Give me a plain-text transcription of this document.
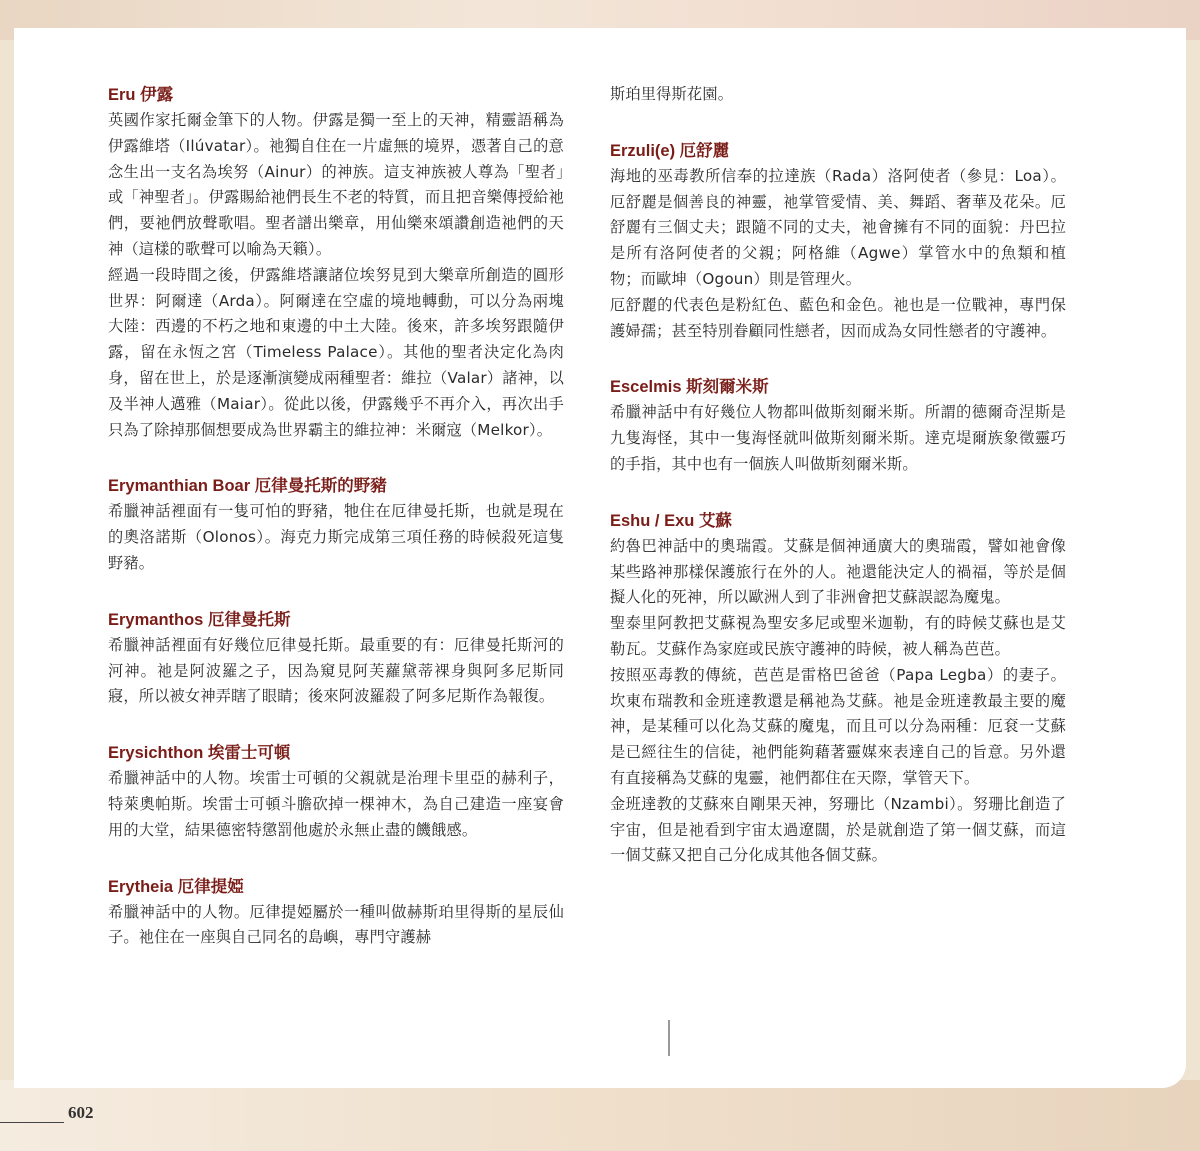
Eru 伊露

英國作家托爾金筆下的人物。伊露是獨一至上的天神，精靈語稱為伊露維塔（Ilúvatar）。祂獨自住在一片虛無的境界，憑著自己的意念生出一支名為埃努（Ainur）的神族。這支神族被人尊為「聖者」或「神聖者」。伊露賜給祂們長生不老的特質，而且把音樂傳授給祂們，要祂們放聲歌唱。聖者譜出樂章，用仙樂來頌讚創造祂們的天神（這樣的歌聲可以喻為天籟）。

經過一段時間之後，伊露維塔讓諸位埃努見到大樂章所創造的圓形世界：阿爾達（Arda）。阿爾達在空虛的境地轉動，可以分為兩塊大陸：西邊的不朽之地和東邊的中土大陸。後來，許多埃努跟隨伊露，留在永恆之宮（Timeless Palace）。其他的聖者決定化為肉身，留在世上，於是逐漸演變成兩種聖者：維拉（Valar）諸神，以及半神人邁雅（Maiar）。從此以後，伊露幾乎不再介入，再次出手只為了除掉那個想要成為世界霸主的維拉神：米爾寇（Melkor）。

Erymanthian Boar 厄律曼托斯的野豬

希臘神話裡面有一隻可怕的野豬，牠住在厄律曼托斯，也就是現在的奧洛諾斯（Olonos）。海克力斯完成第三項任務的時候殺死這隻野豬。

Erymanthos 厄律曼托斯

希臘神話裡面有好幾位厄律曼托斯。最重要的有：厄律曼托斯河的河神。祂是阿波羅之子，因為窺見阿芙蘿黛蒂裸身與阿多尼斯同寢，所以被女神弄瞎了眼睛；後來阿波羅殺了阿多尼斯作為報復。

Erysichthon 埃雷士可頓

希臘神話中的人物。埃雷士可頓的父親就是治理卡里亞的赫利子，特萊奧帕斯。埃雷士可頓斗膽砍掉一棵神木，為自己建造一座宴會用的大堂，結果德密特懲罰他處於永無止盡的饑餓感。

Erytheia 厄律提婭

希臘神話中的人物。厄律提婭屬於一種叫做赫斯珀里得斯的星辰仙子。祂住在一座與自己同名的島嶼，專門守護赫

斯珀里得斯花園。

Erzuli(e) 厄舒麗

海地的巫毒教所信奉的拉達族（Rada）洛阿使者（參見：Loa）。厄舒麗是個善良的神靈，祂掌管愛情、美、舞蹈、奢華及花朵。厄舒麗有三個丈夫；跟隨不同的丈夫，祂會擁有不同的面貌：丹巴拉是所有洛阿使者的父親；阿格維（Agwe）掌管水中的魚類和植物；而歐坤（Ogoun）則是管理火。

厄舒麗的代表色是粉紅色、藍色和金色。祂也是一位戰神，專門保護婦孺；甚至特別眷顧同性戀者，因而成為女同性戀者的守護神。

Escelmis 斯刻爾米斯

希臘神話中有好幾位人物都叫做斯刻爾米斯。所謂的德爾奇涅斯是九隻海怪，其中一隻海怪就叫做斯刻爾米斯。達克堤爾族象徵靈巧的手指，其中也有一個族人叫做斯刻爾米斯。

Eshu / Exu 艾蘇

約魯巴神話中的奧瑞霞。艾蘇是個神通廣大的奧瑞霞，譬如祂會像某些路神那樣保護旅行在外的人。祂還能決定人的禍福，等於是個擬人化的死神，所以歐洲人到了非洲會把艾蘇誤認為魔鬼。

聖泰里阿教把艾蘇視為聖安多尼或聖米迦勒，有的時候艾蘇也是艾勒瓦。艾蘇作為家庭或民族守護神的時候，被人稱為芭芭。

按照巫毒教的傳統，芭芭是雷格巴爸爸（Papa Legba）的妻子。坎東布瑞教和金班達教還是稱祂為艾蘇。祂是金班達教最主要的魔神，是某種可以化為艾蘇的魔鬼，而且可以分為兩種：厄袞一艾蘇是已經往生的信徒，祂們能夠藉著靈媒來表達自己的旨意。另外還有直接稱為艾蘇的鬼靈，祂們都住在天際，掌管天下。

金班達教的艾蘇來自剛果天神，努珊比（Nzambi）。努珊比創造了宇宙，但是祂看到宇宙太過遼闊，於是就創造了第一個艾蘇，而這一個艾蘇又把自己分化成其他各個艾蘇。

602
